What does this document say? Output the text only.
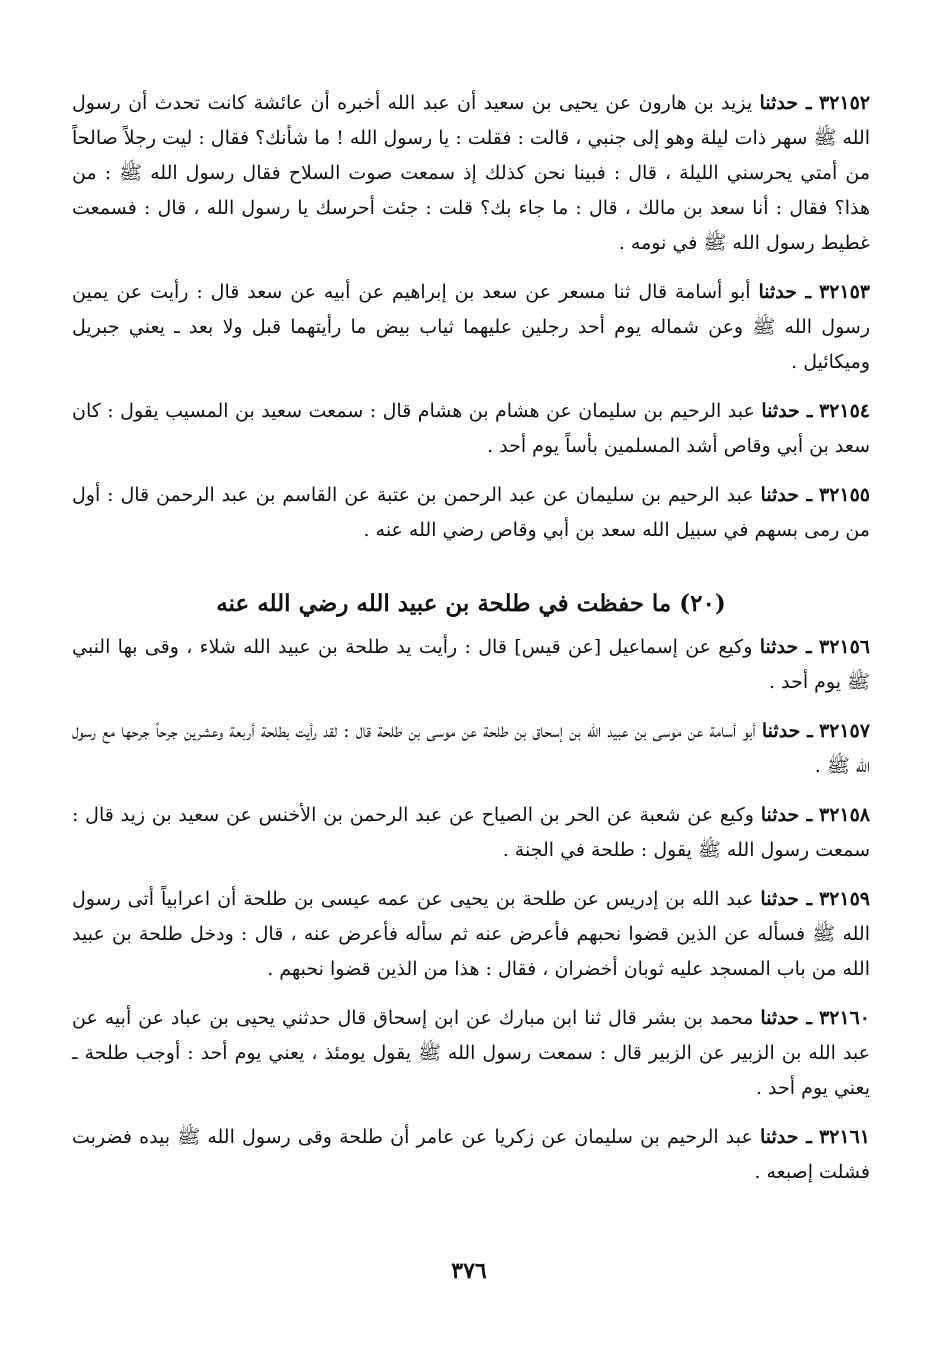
٣٢١٥٢ ـ حدثنا يزيد بن هارون عن يحيى بن سعيد أن عبد الله أخبره أن عائشة كانت تحدث أن رسول الله ﷺ سهر ذات ليلة وهو إلى جنبي ، قالت : فقلت : يا رسول الله ! ما شأنك؟ فقال : ليت رجلاً صالحاً من أمتي يحرسني الليلة ، قال : فبينا نحن كذلك إذ سمعت صوت السلاح فقال رسول الله ﷺ : من هذا؟ فقال : أنا سعد بن مالك ، قال : ما جاء بك؟ قلت : جئت أحرسك يا رسول الله ، قال : فسمعت غطيط رسول الله ﷺ في نومه .

٣٢١٥٣ ـ حدثنا أبو أسامة قال ثنا مسعر عن سعد بن إبراهيم عن أبيه عن سعد قال : رأيت عن يمين رسول الله ﷺ وعن شماله يوم أحد رجلين عليهما ثياب بيض ما رأيتهما قبل ولا بعد ـ يعني جبريل وميكائيل .

٣٢١٥٤ ـ حدثنا عبد الرحيم بن سليمان عن هشام بن هشام قال : سمعت سعيد بن المسيب يقول : كان سعد بن أبي وقاص أشد المسلمين بأساً يوم أحد .

٣٢١٥٥ ـ حدثنا عبد الرحيم بن سليمان عن عبد الرحمن بن عتبة عن القاسم بن عبد الرحمن قال : أول من رمى بسهم في سبيل الله سعد بن أبي وقاص رضي الله عنه .

(٢٠) ما حفظت في طلحة بن عبيد الله رضي الله عنه

٣٢١٥٦ ـ حدثنا وكيع عن إسماعيل [عن قيس] قال : رأيت يد طلحة بن عبيد الله شلاء ، وقى بها النبي ﷺ يوم أحد .

٣٢١٥٧ ـ حدثنا أبو أسامة عن موسى بن عبيد الله بن إسحاق بن طلحة عن موسى بن طلحة قال : لقد رأيت بطلحة أربعة وعشرين جرحاً جرحها مع رسول الله ﷺ .

٣٢١٥٨ ـ حدثنا وكيع عن شعبة عن الحر بن الصياح عن عبد الرحمن بن الأخنس عن سعيد بن زيد قال : سمعت رسول الله ﷺ يقول : طلحة في الجنة .

٣٢١٥٩ ـ حدثنا عبد الله بن إدريس عن طلحة بن يحيى عن عمه عيسى بن طلحة أن اعرابياً أتى رسول الله ﷺ فسأله عن الذين قضوا نحبهم فأعرض عنه ثم سأله فأعرض عنه ، قال : ودخل طلحة بن عبيد الله من باب المسجد عليه ثوبان أخضران ، فقال : هذا من الذين قضوا نحبهم .

٣٢١٦٠ ـ حدثنا محمد بن بشر قال ثنا ابن مبارك عن ابن إسحاق قال حدثني يحيى بن عباد عن أبيه عن عبد الله بن الزبير عن الزبير قال : سمعت رسول الله ﷺ يقول يومئذ ، يعني يوم أحد : أوجب طلحة ـ يعني يوم أحد .

٣٢١٦١ ـ حدثنا عبد الرحيم بن سليمان عن زكريا عن عامر أن طلحة وقى رسول الله ﷺ بيده فضربت فشلت إصبعه .

٣٧٦
